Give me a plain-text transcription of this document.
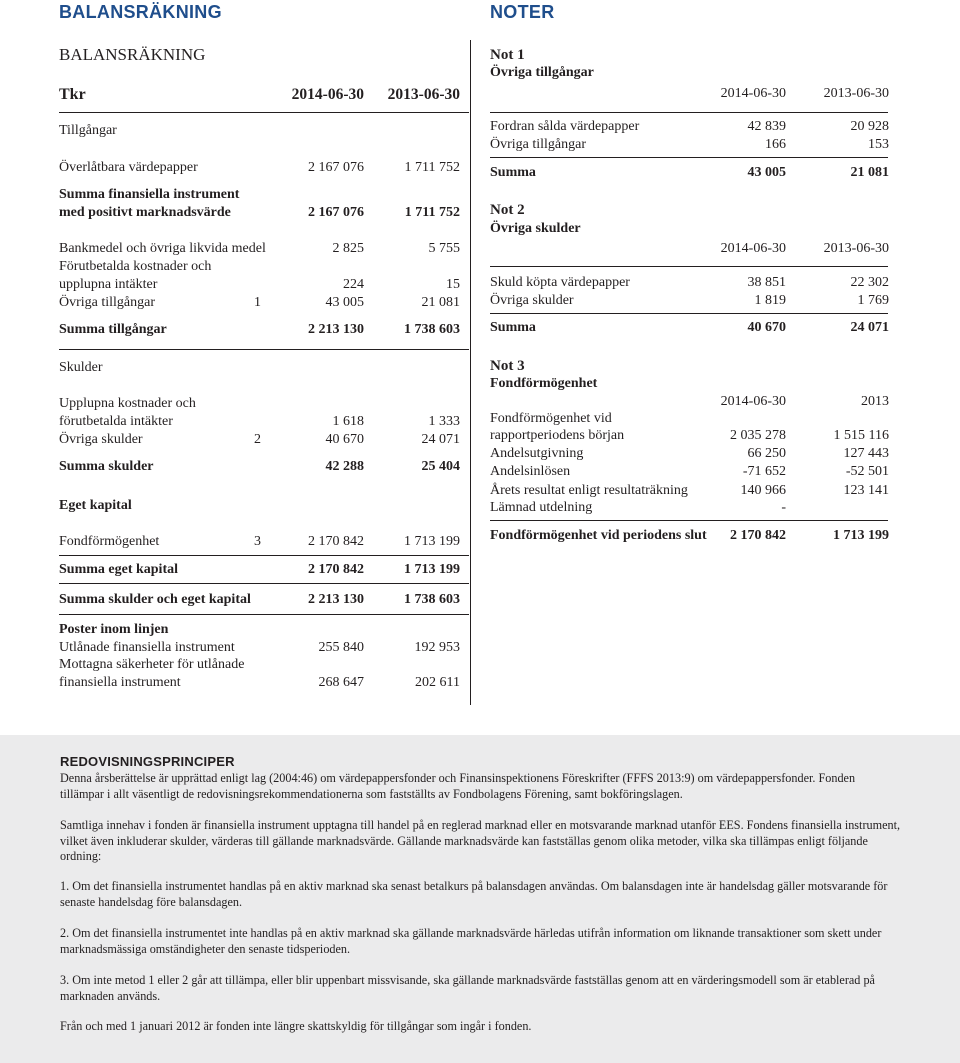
BALANSRÄKNING
BALANSRÄKNING
Tkr	2014-06-30	2013-06-30
Tillgångar
Överlåtbara värdepapper	2 167 076	1 711 752
Summa finansiella instrument
med positivt marknadsvärde	2 167 076	1 711 752
Bankmedel och övriga likvida medel	2 825	5 755
Förutbetalda kostnader och
upplupna intäkter	224	15
Övriga tillgångar	1	43 005	21 081
Summa tillgångar	2 213 130	1 738 603
Skulder
Upplupna kostnader och
förutbetalda intäkter	1 618	1 333
Övriga skulder	2	40 670	24 071
Summa skulder	42 288	25 404
Eget kapital
Fondförmögenhet	3	2 170 842	1 713 199
Summa eget kapital	2 170 842	1 713 199
Summa skulder och eget kapital	2 213 130	1 738 603
Poster inom linjen
Utlånade finansiella instrument	255 840	192 953
Mottagna säkerheter för utlånade
finansiella instrument	268 647	202 611
NOTER
Not 1
Övriga tillgångar
2014-06-30	2013-06-30
Fordran sålda värdepapper	42 839	20 928
Övriga tillgångar	166	153
Summa	43 005	21 081
Not 2
Övriga skulder
2014-06-30	2013-06-30
Skuld köpta värdepapper	38 851	22 302
Övriga skulder	1 819	1 769
Summa	40 670	24 071
Not 3
Fondförmögenhet
2014-06-30	2013
Fondförmögenhet vid
rapportperiodens början	2 035 278	1 515 116
Andelsutgivning	66 250	127 443
Andelsinlösen	-71 652	-52 501
Årets resultat enligt resultaträkning	140 966	123 141
Lämnad utdelning	-
Fondförmögenhet vid periodens slut	2 170 842	1 713 199
REDOVISNINGSPRINCIPER
Denna årsberättelse är upprättad enligt lag (2004:46) om värdepappersfonder och Finansinspektionens Föreskrifter (FFFS 2013:9) om värdepappersfonder. Fonden tillämpar i allt väsentligt de redovisningsrekommendationerna som fastställts av Fondbolagens Förening, samt bokföringslagen.
Samtliga innehav i fonden är finansiella instrument upptagna till handel på en reglerad marknad eller en motsvarande marknad utanför EES. Fondens finansiella instrument, vilket även inkluderar skulder, värderas till gällande marknadsvärde. Gällande marknadsvärde kan fastställas genom olika metoder, vilka ska tillämpas enligt följande ordning:
1. Om det finansiella instrumentet handlas på en aktiv marknad ska senast betalkurs på balansdagen användas. Om balansdagen inte är handelsdag gäller motsvarande för senaste handelsdag före balansdagen.
2. Om det finansiella instrumentet inte handlas på en aktiv marknad ska gällande marknadsvärde härledas utifrån information om liknande transaktioner som skett under marknadsmässiga omständigheter den senaste tidsperioden.
3. Om inte metod 1 eller 2 går att tillämpa, eller blir uppenbart missvisande, ska gällande marknadsvärde fastställas genom att en värderingsmodell som är etablerad på marknaden används.
Från och med 1 januari 2012 är fonden inte längre skattskyldig för tillgångar som ingår i fonden.
